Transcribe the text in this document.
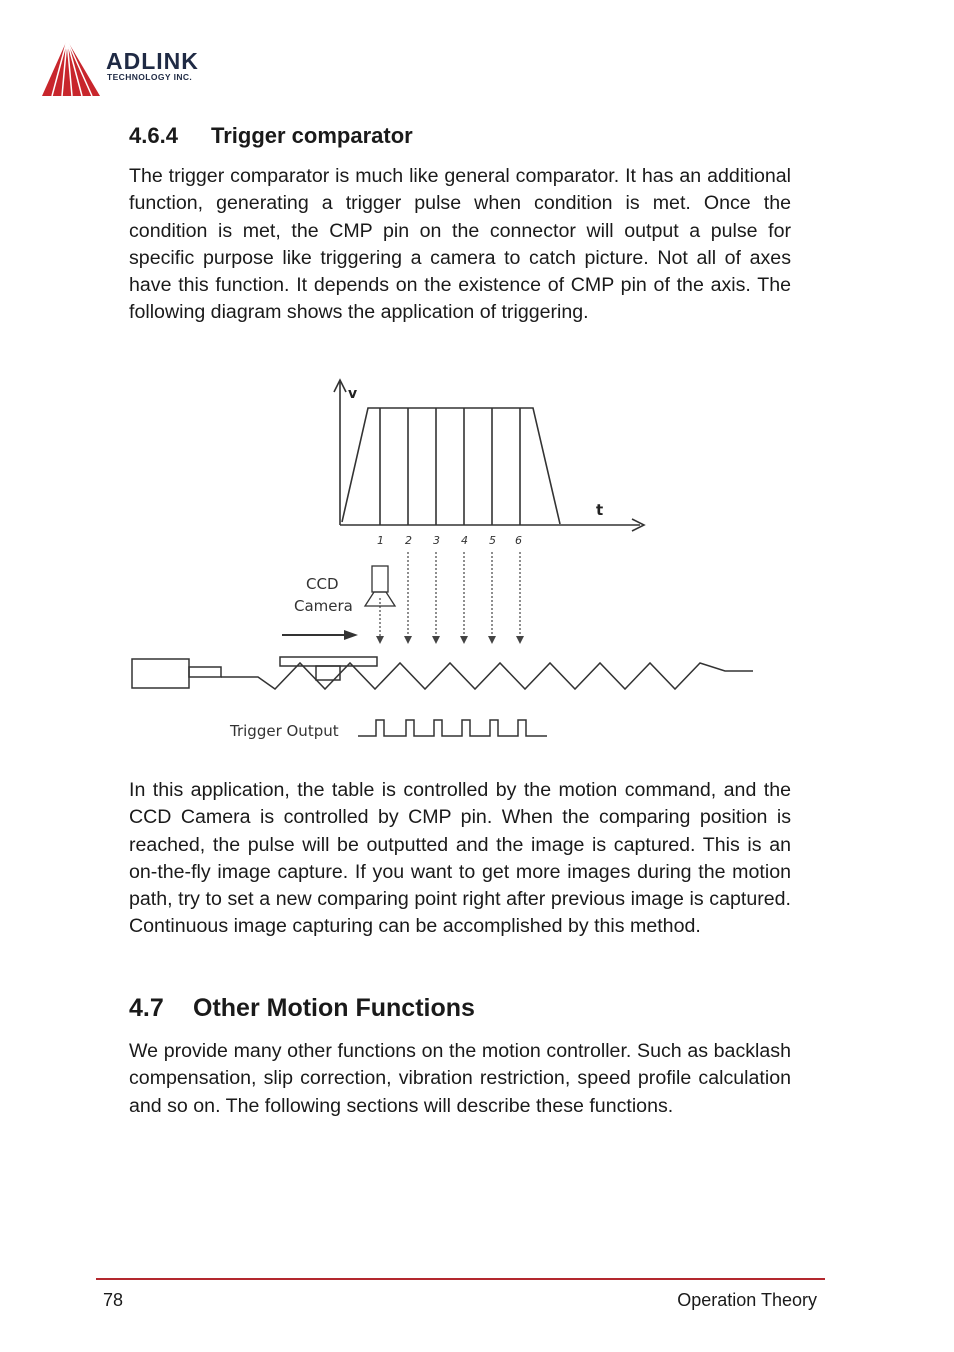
ADLINK
TECHNOLOGY INC.
4.6.4 Trigger comparator

The trigger comparator is much like general comparator. It has an additional function, generating a trigger pulse when condition is met. Once the condition is met, the CMP pin on the connector will output a pulse for specific purpose like triggering a camera to catch picture. Not all of axes have this function. It depends on the existence of CMP pin of the axis. The following diagram shows the application of triggering.

v
t
1 2 3 4 5 6
CCD
Camera
Trigger Output

In this application, the table is controlled by the motion command, and the CCD Camera is controlled by CMP pin. When the comparing position is reached, the pulse will be outputted and the image is captured. This is an on-the-fly image capture. If you want to get more images during the motion path, try to set a new comparing point right after previous image is captured. Continuous image capturing can be accomplished by this method.

4.7 Other Motion Functions

We provide many other functions on the motion controller. Such as backlash compensation, slip correction, vibration restriction, speed profile calculation and so on. The following sections will describe these functions.

78	Operation Theory
